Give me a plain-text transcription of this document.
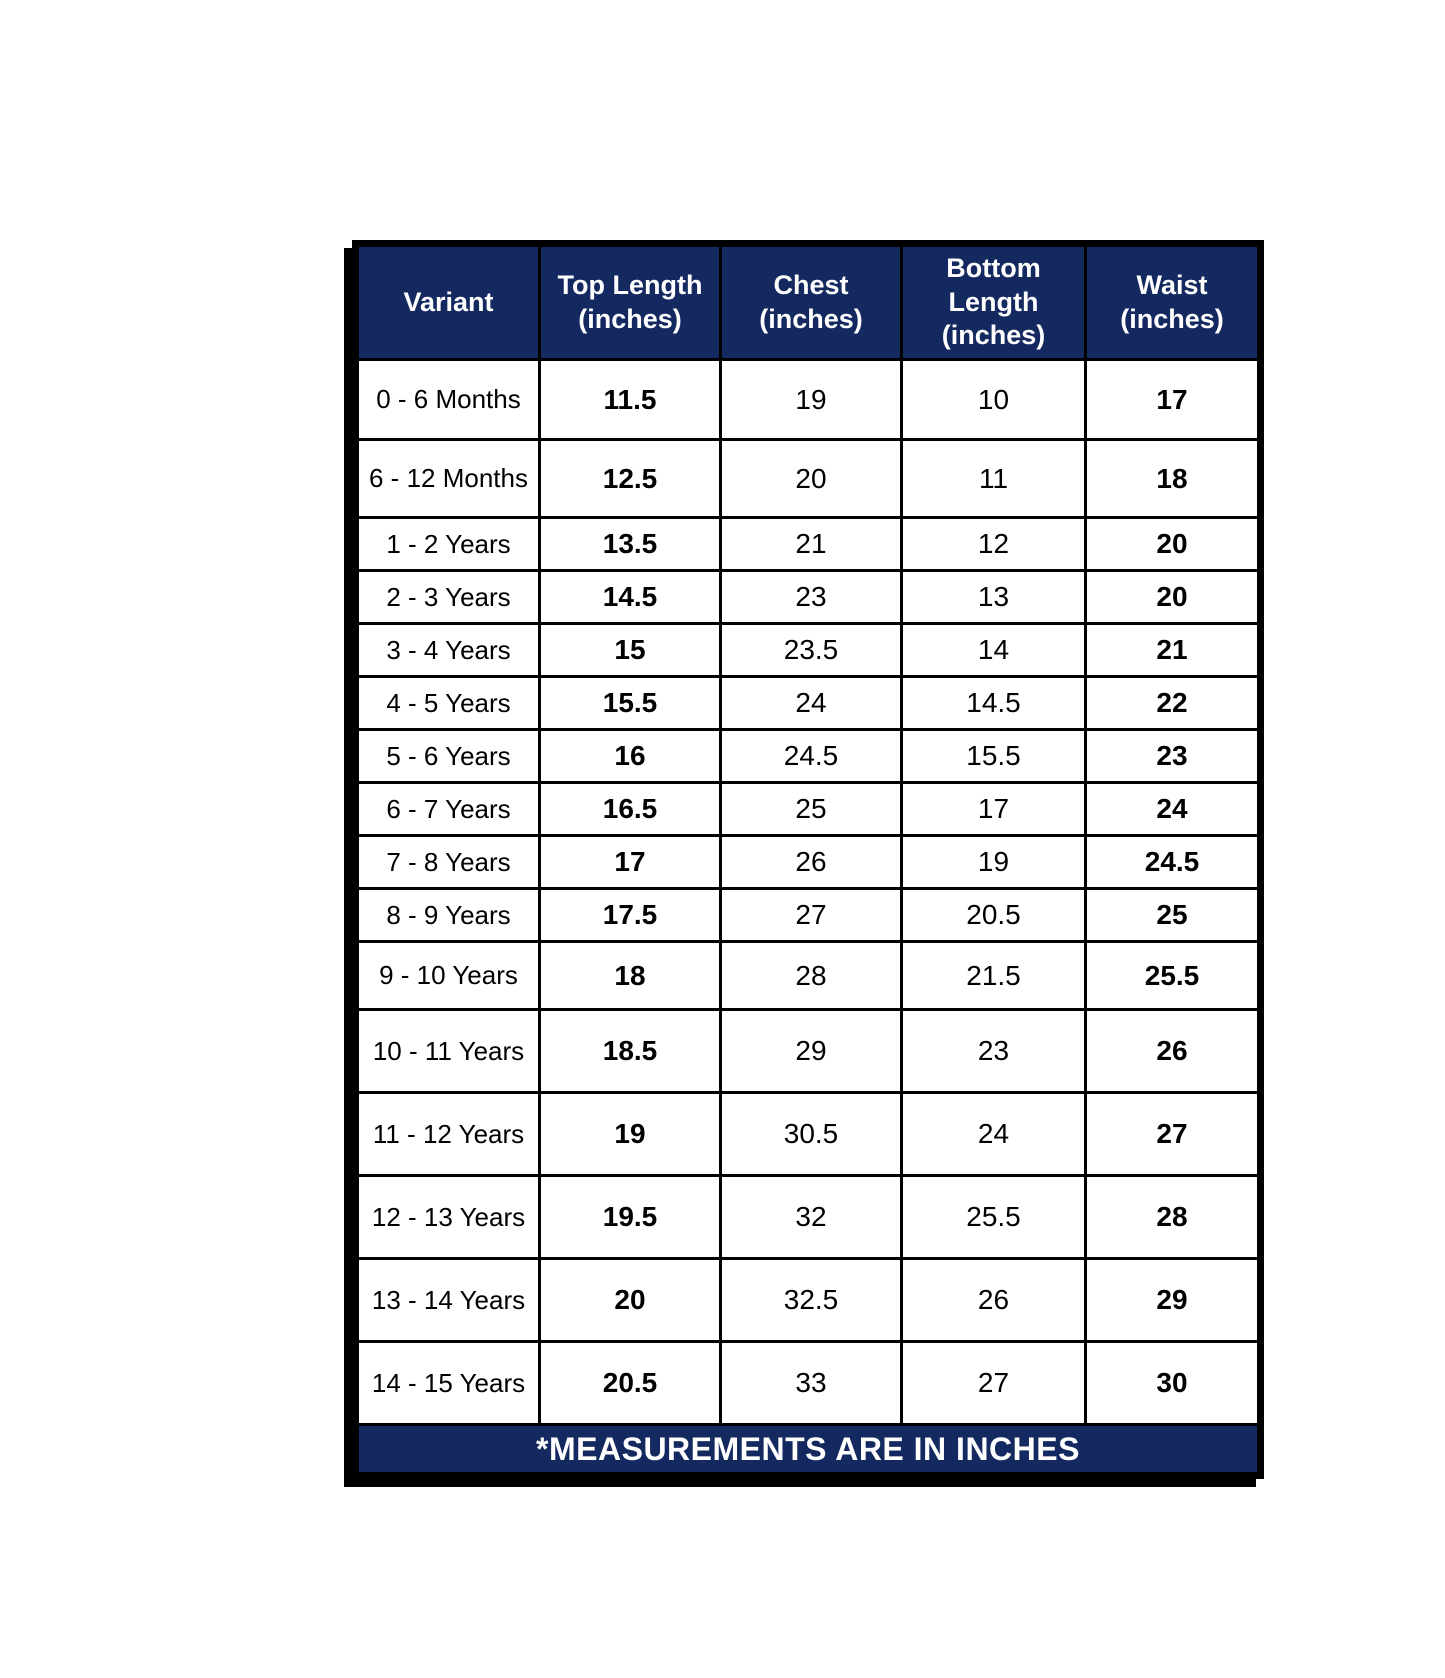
Variant	Top Length (inches)	Chest (inches)	Bottom Length (inches)	Waist (inches)
0 - 6 Months	11.5	19	10	17
6 - 12 Months	12.5	20	11	18
1 - 2 Years	13.5	21	12	20
2 - 3 Years	14.5	23	13	20
3 - 4 Years	15	23.5	14	21
4 - 5 Years	15.5	24	14.5	22
5 - 6 Years	16	24.5	15.5	23
6 - 7 Years	16.5	25	17	24
7 - 8 Years	17	26	19	24.5
8 - 9 Years	17.5	27	20.5	25
9 - 10 Years	18	28	21.5	25.5
10 - 11 Years	18.5	29	23	26
11 - 12 Years	19	30.5	24	27
12 - 13 Years	19.5	32	25.5	28
13 - 14 Years	20	32.5	26	29
14 - 15 Years	20.5	33	27	30
*MEASUREMENTS ARE IN INCHES				
